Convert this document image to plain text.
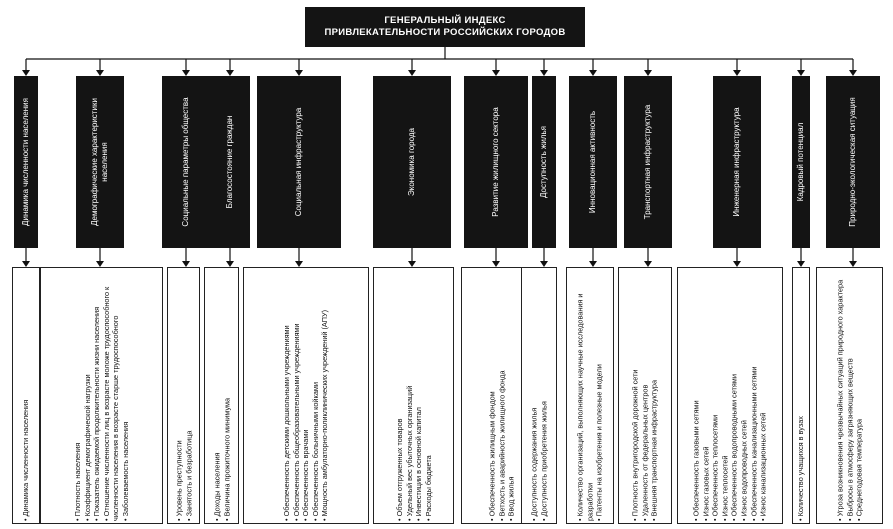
ГЕНЕРАЛЬНЫЙ ИНДЕКС
ПРИВЛЕКАТЕЛЬНОСТИ РОССИЙСКИХ ГОРОДОВ
Динамика численности населения	Демографические характеристики населения	Социальные параметры общества	Благосостояние граждан	Социальная инфраструктура	Экономика города	Развитие жилищного сектора	Доступность жилья	Инновационная активность	Транспортная инфраструктура	Инженерная инфраструктура	Кадровый потенциал	Природно-экологическая ситуация
• Динамика численности населения	• Плотность населения • Коэффициент демографической нагрузки • Показатель ожидаемой продолжительности жизни населения • Отношение численности лиц в возрасте моложе трудоспособного к численности населения в возрасте старше трудоспособного • Заболеваемость населения	• Уровень преступности • Занятость и безработица	• Доходы населения • Величина прожиточного минимума	• Обеспеченность детскими дошкольными учреждениями • Обеспеченность общеобразовательными учреждениями • Обеспеченность врачами • Обеспеченность больничными койками • Мощность амбулаторно-поликлинических учреждений (АПУ)	• Объем отгруженных товаров • Удельный вес убыточных организаций • Инвестиции в основной капитал • Расходы бюджета	• Обеспеченность жилищным фондом • Ветхость и аварийность жилищного фонда • Ввод жилья • Доступность содержания жилья • Доступность приобретения жилья	• Количество организаций, выполняющих научные исследования и разработки • Патенты на изобретения и полезные модели	• Плотность внутригородской дорожной сети • Удаленность от федеральных центров • Внешняя транспортная инфраструктура	• Обеспеченность газовыми сетями • Износ газовых сетей • Обеспеченность теплосетями • Износ теплосетей • Обеспеченность водопроводными сетями • Износ водопроводных сетей • Обеспеченность канализационными сетями • Износ канализационных сетей	• Количество учащихся в вузах	• Угроза возникновения чрезвычайных ситуаций природного характера • Выбросы в атмосферу загрязняющих веществ • Среднегодовая температура
